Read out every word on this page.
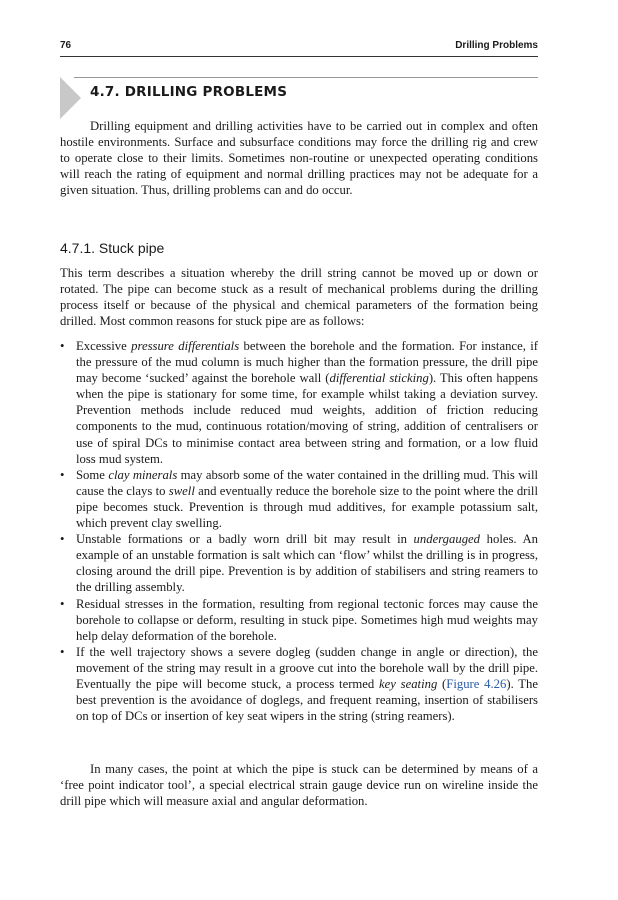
76	Drilling Problems
4.7. DRILLING PROBLEMS

Drilling equipment and drilling activities have to be carried out in complex and often hostile environments. Surface and subsurface conditions may force the drilling rig and crew to operate close to their limits. Sometimes non-routine or unexpected operating conditions will reach the rating of equipment and normal drilling practices may not be adequate for a given situation. Thus, drilling problems can and do occur.

4.7.1. Stuck pipe

This term describes a situation whereby the drill string cannot be moved up or down or rotated. The pipe can become stuck as a result of mechanical problems during the drilling process itself or because of the physical and chemical parameters of the formation being drilled. Most common reasons for stuck pipe are as follows:

• Excessive pressure differentials between the borehole and the formation. For instance, if the pressure of the mud column is much higher than the formation pressure, the drill pipe may become ‘sucked’ against the borehole wall (differential sticking). This often happens when the pipe is stationary for some time, for example whilst taking a deviation survey. Prevention methods include reduced mud weights, addition of friction reducing components to the mud, continuous rotation/moving of string, addition of centralisers or use of spiral DCs to minimise contact area between string and formation, or a low fluid loss mud system.
• Some clay minerals may absorb some of the water contained in the drilling mud. This will cause the clays to swell and eventually reduce the borehole size to the point where the drill pipe becomes stuck. Prevention is through mud additives, for example potassium salt, which prevent clay swelling.
• Unstable formations or a badly worn drill bit may result in undergauged holes. An example of an unstable formation is salt which can ‘flow’ whilst the drilling is in progress, closing around the drill pipe. Prevention is by addition of stabilisers and string reamers to the drilling assembly.
• Residual stresses in the formation, resulting from regional tectonic forces may cause the borehole to collapse or deform, resulting in stuck pipe. Sometimes high mud weights may help delay deformation of the borehole.
• If the well trajectory shows a severe dogleg (sudden change in angle or direction), the movement of the string may result in a groove cut into the borehole wall by the drill pipe. Eventually the pipe will become stuck, a process termed key seating (Figure 4.26). The best prevention is the avoidance of doglegs, and frequent reaming, insertion of stabilisers on top of DCs or insertion of key seat wipers in the string (string reamers).

In many cases, the point at which the pipe is stuck can be determined by means of a ‘free point indicator tool’, a special electrical strain gauge device run on wireline inside the drill pipe which will measure axial and angular deformation.
